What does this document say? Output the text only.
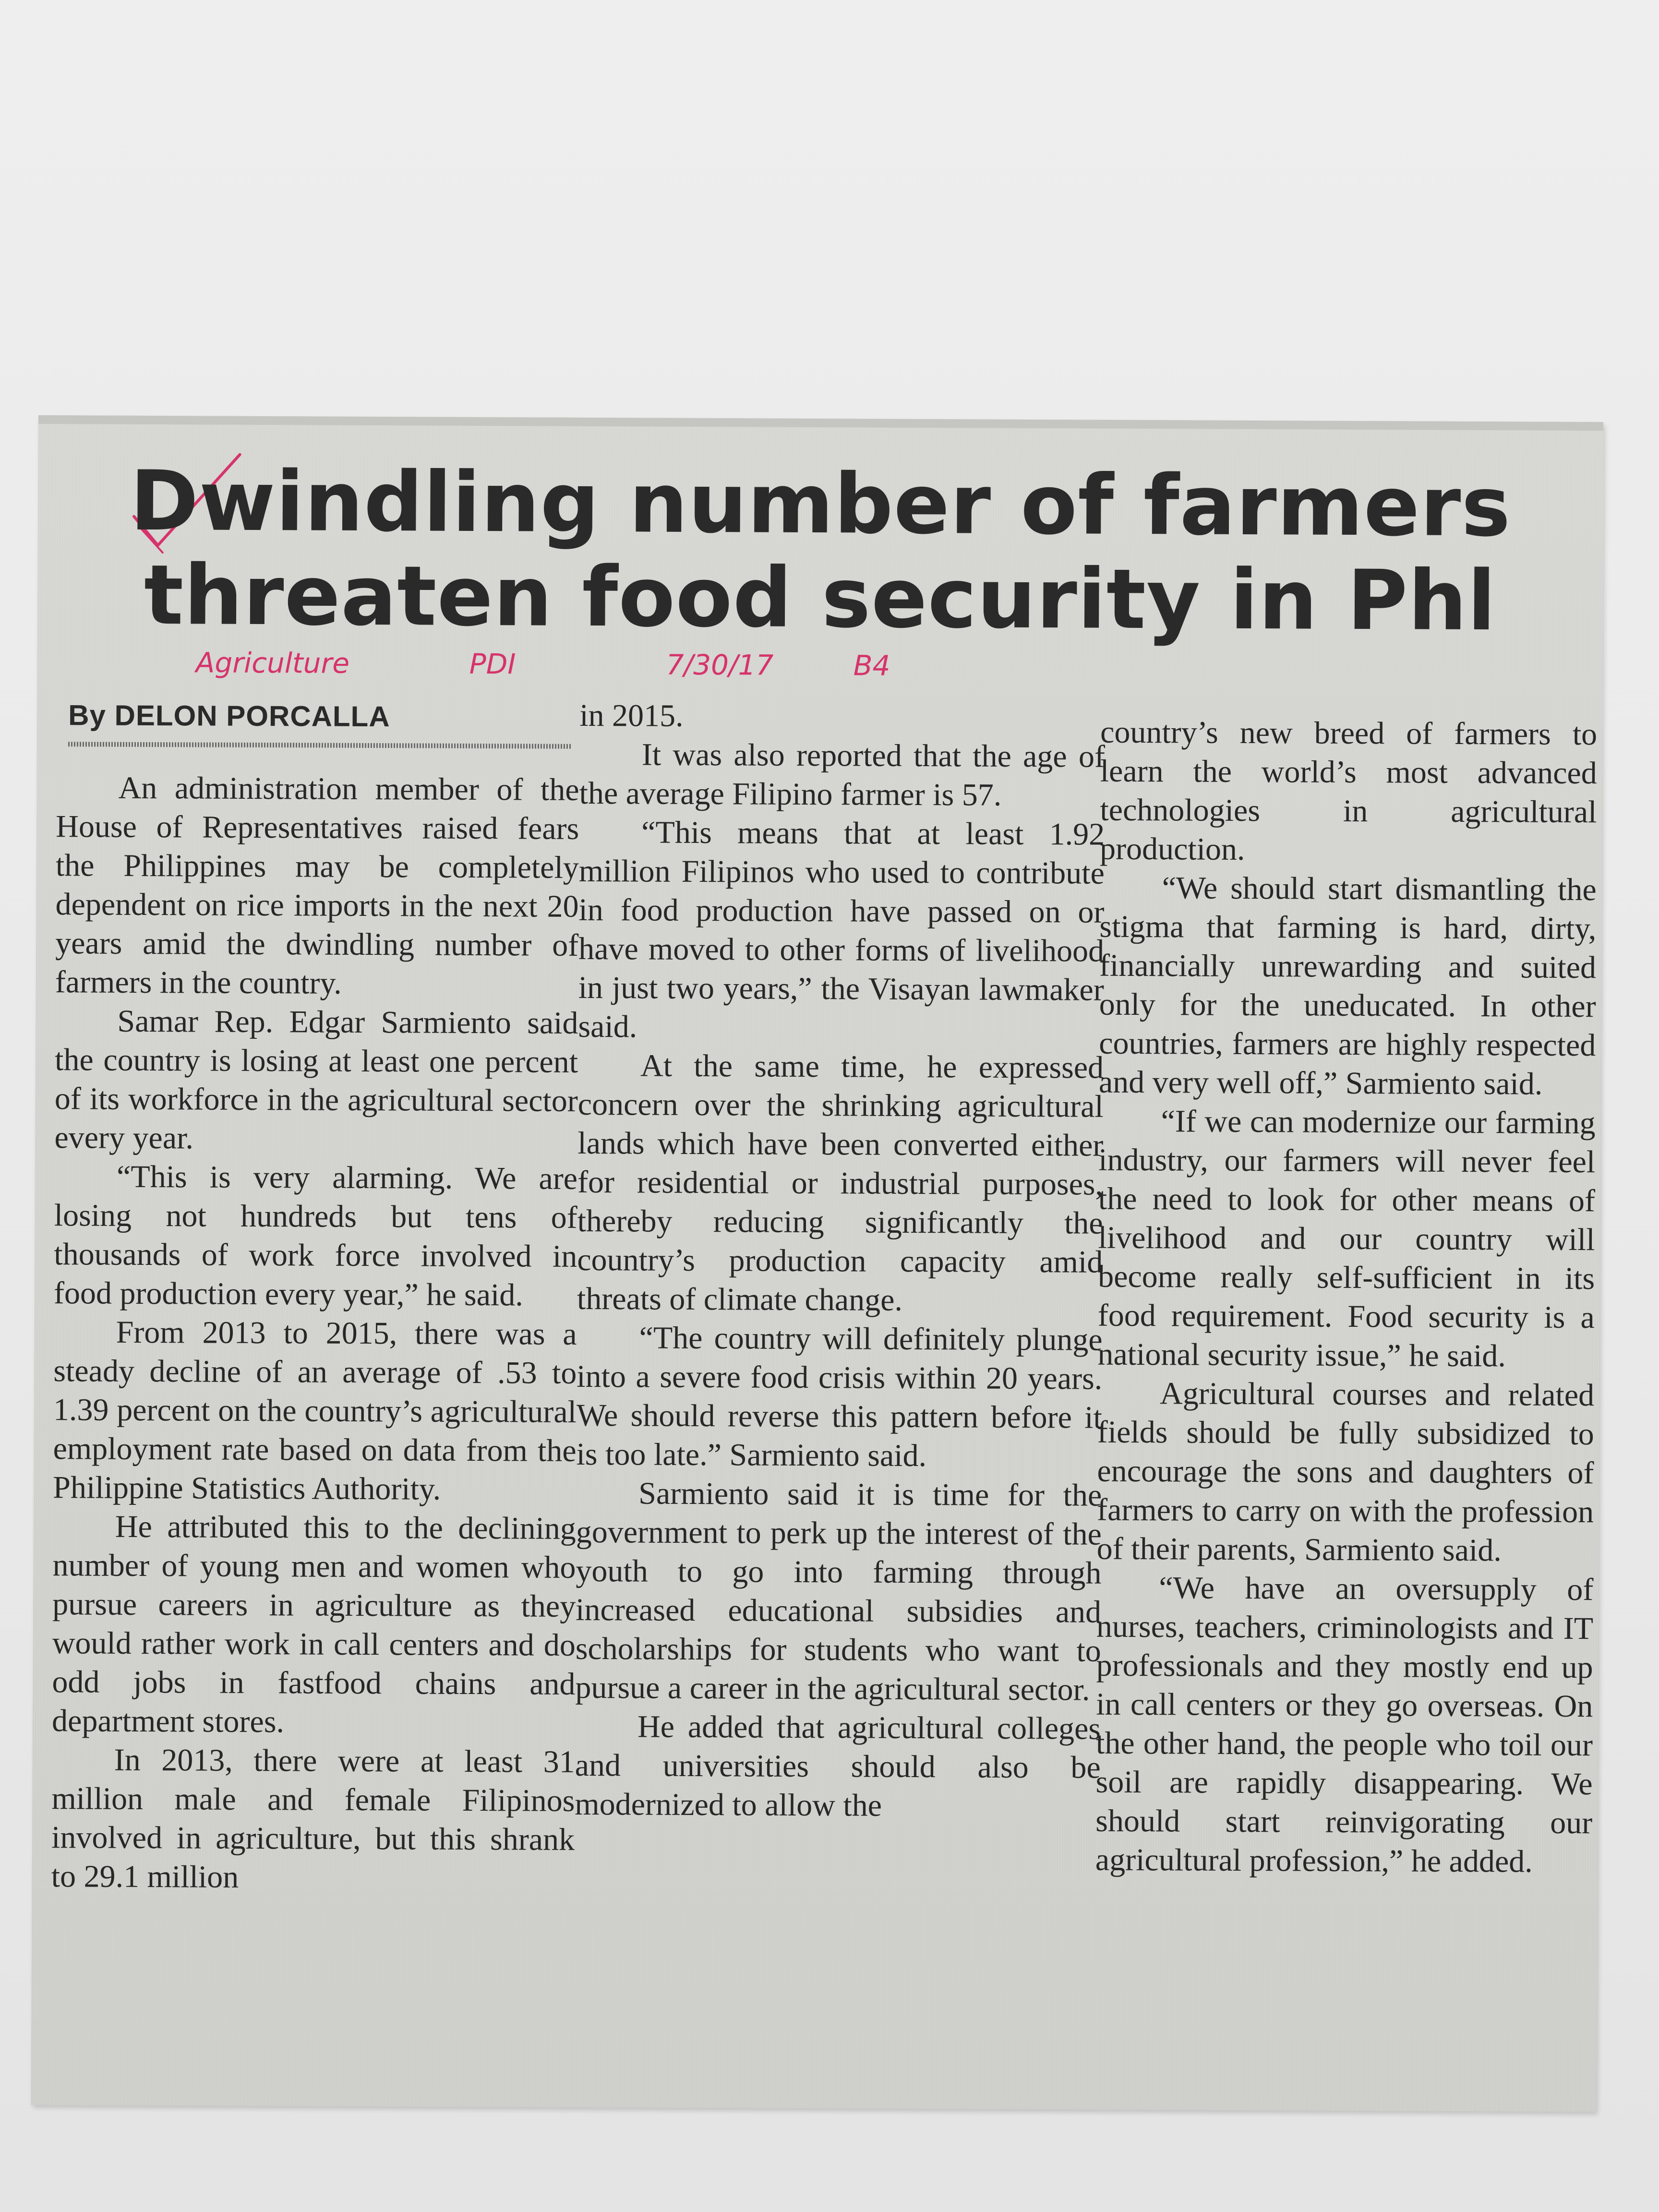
Dwindling number of farmers
threaten food security in Phl
Agriculture	PDI	7/30/17	B4
By DELON PORCALLA

An administration member of the House of Representatives raised fears the Philippines may be completely dependent on rice imports in the next 20 years amid the dwindling number of farmers in the country.

Samar Rep. Edgar Sarmiento said the country is losing at least one percent of its workforce in the agricultural sector every year.

“This is very alarming. We are losing not hundreds but tens of thousands of work force involved in food production every year,” he said.

From 2013 to 2015, there was a steady decline of an average of .53 to 1.39 percent on the country’s agricultural employment rate based on data from the Philippine Statistics Authority.

He attributed this to the declining number of young men and women who pursue careers in agriculture as they would rather work in call centers and do odd jobs in fastfood chains and department stores.

In 2013, there were at least 31 million male and female Filipinos involved in agriculture, but this shrank to 29.1 million

in 2015.

It was also reported that the age of the average Filipino farmer is 57.

“This means that at least 1.92 million Filipinos who used to contribute in food production have passed on or have moved to other forms of livelihood in just two years,” the Visayan lawmaker said.

At the same time, he expressed concern over the shrinking agricultural lands which have been converted either for residential or industrial purposes, thereby reducing significantly the country’s production capacity amid threats of climate change.

“The country will definitely plunge into a severe food crisis within 20 years. We should reverse this pattern before it is too late.” Sarmiento said.

Sarmiento said it is time for the government to perk up the interest of the youth to go into farming through increased educational subsidies and scholarships for students who want to pursue a career in the agricultural sector.

He added that agricultural colleges and universities should also be modernized to allow the

country’s new breed of farmers to learn the world’s most advanced technologies in agricultural production.

“We should start dismantling the stigma that farming is hard, dirty, financially unrewarding and suited only for the uneducated. In other countries, farmers are highly respected and very well off,” Sarmiento said.

“If we can modernize our farming industry, our farmers will never feel the need to look for other means of livelihood and our country will become really self-sufficient in its food requirement. Food security is a national security issue,” he said.

Agricultural courses and related fields should be fully subsidized to encourage the sons and daughters of farmers to carry on with the profession of their parents, Sarmiento said.

“We have an oversupply of nurses, teachers, criminologists and IT professionals and they mostly end up in call centers or they go overseas. On the other hand, the people who toil our soil are rapidly disappearing. We should start reinvigorating our agricultural profession,” he added.
